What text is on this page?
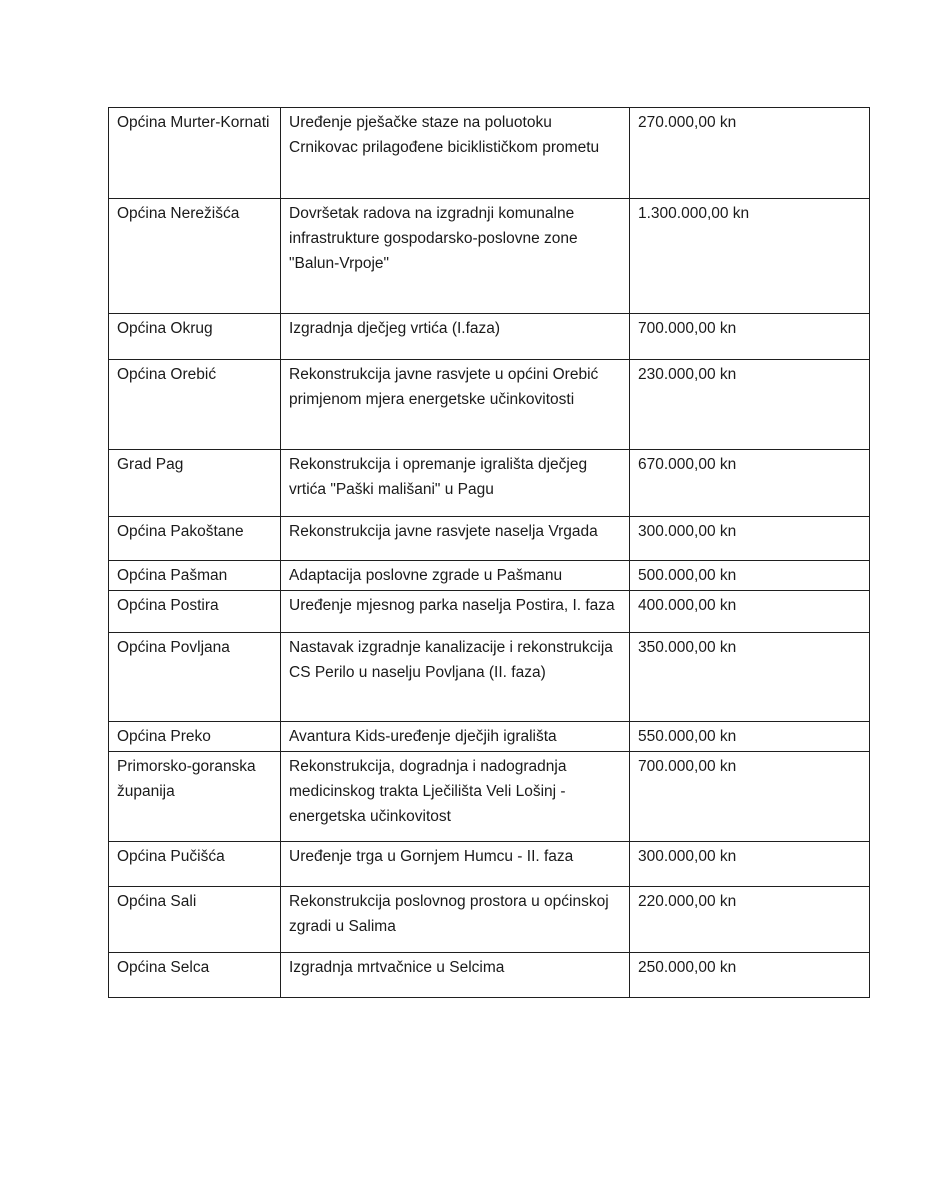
Općina Murter-Kornati	Uređenje pješačke staze na poluotoku Crnikovac prilagođene biciklističkom prometu	270.000,00 kn
Općina Nerežišća	Dovršetak radova na izgradnji komunalne infrastrukture gospodarsko-poslovne zone "Balun-Vrpoje"	1.300.000,00 kn
Općina Okrug	Izgradnja dječjeg vrtića (I.faza)	700.000,00 kn
Općina Orebić	Rekonstrukcija javne rasvjete u općini Orebić primjenom mjera energetske učinkovitosti	230.000,00 kn
Grad Pag	Rekonstrukcija i opremanje igrališta dječjeg vrtića "Paški mališani" u Pagu	670.000,00 kn
Općina Pakoštane	Rekonstrukcija javne rasvjete naselja Vrgada	300.000,00 kn
Općina Pašman	Adaptacija poslovne zgrade u Pašmanu	500.000,00 kn
Općina Postira	Uređenje mjesnog parka naselja Postira, I. faza	400.000,00 kn
Općina Povljana	Nastavak izgradnje kanalizacije i rekonstrukcija CS Perilo u naselju Povljana (II. faza)	350.000,00 kn
Općina Preko	Avantura Kids-uređenje dječjih igrališta	550.000,00 kn
Primorsko-goranska županija	Rekonstrukcija, dogradnja i nadogradnja medicinskog trakta Lječilišta Veli Lošinj - energetska učinkovitost	700.000,00 kn
Općina Pučišća	Uređenje trga u Gornjem Humcu - II. faza	300.000,00 kn
Općina Sali	Rekonstrukcija poslovnog prostora u općinskoj zgradi u Salima	220.000,00 kn
Općina Selca	Izgradnja mrtvačnice u Selcima	250.000,00 kn
